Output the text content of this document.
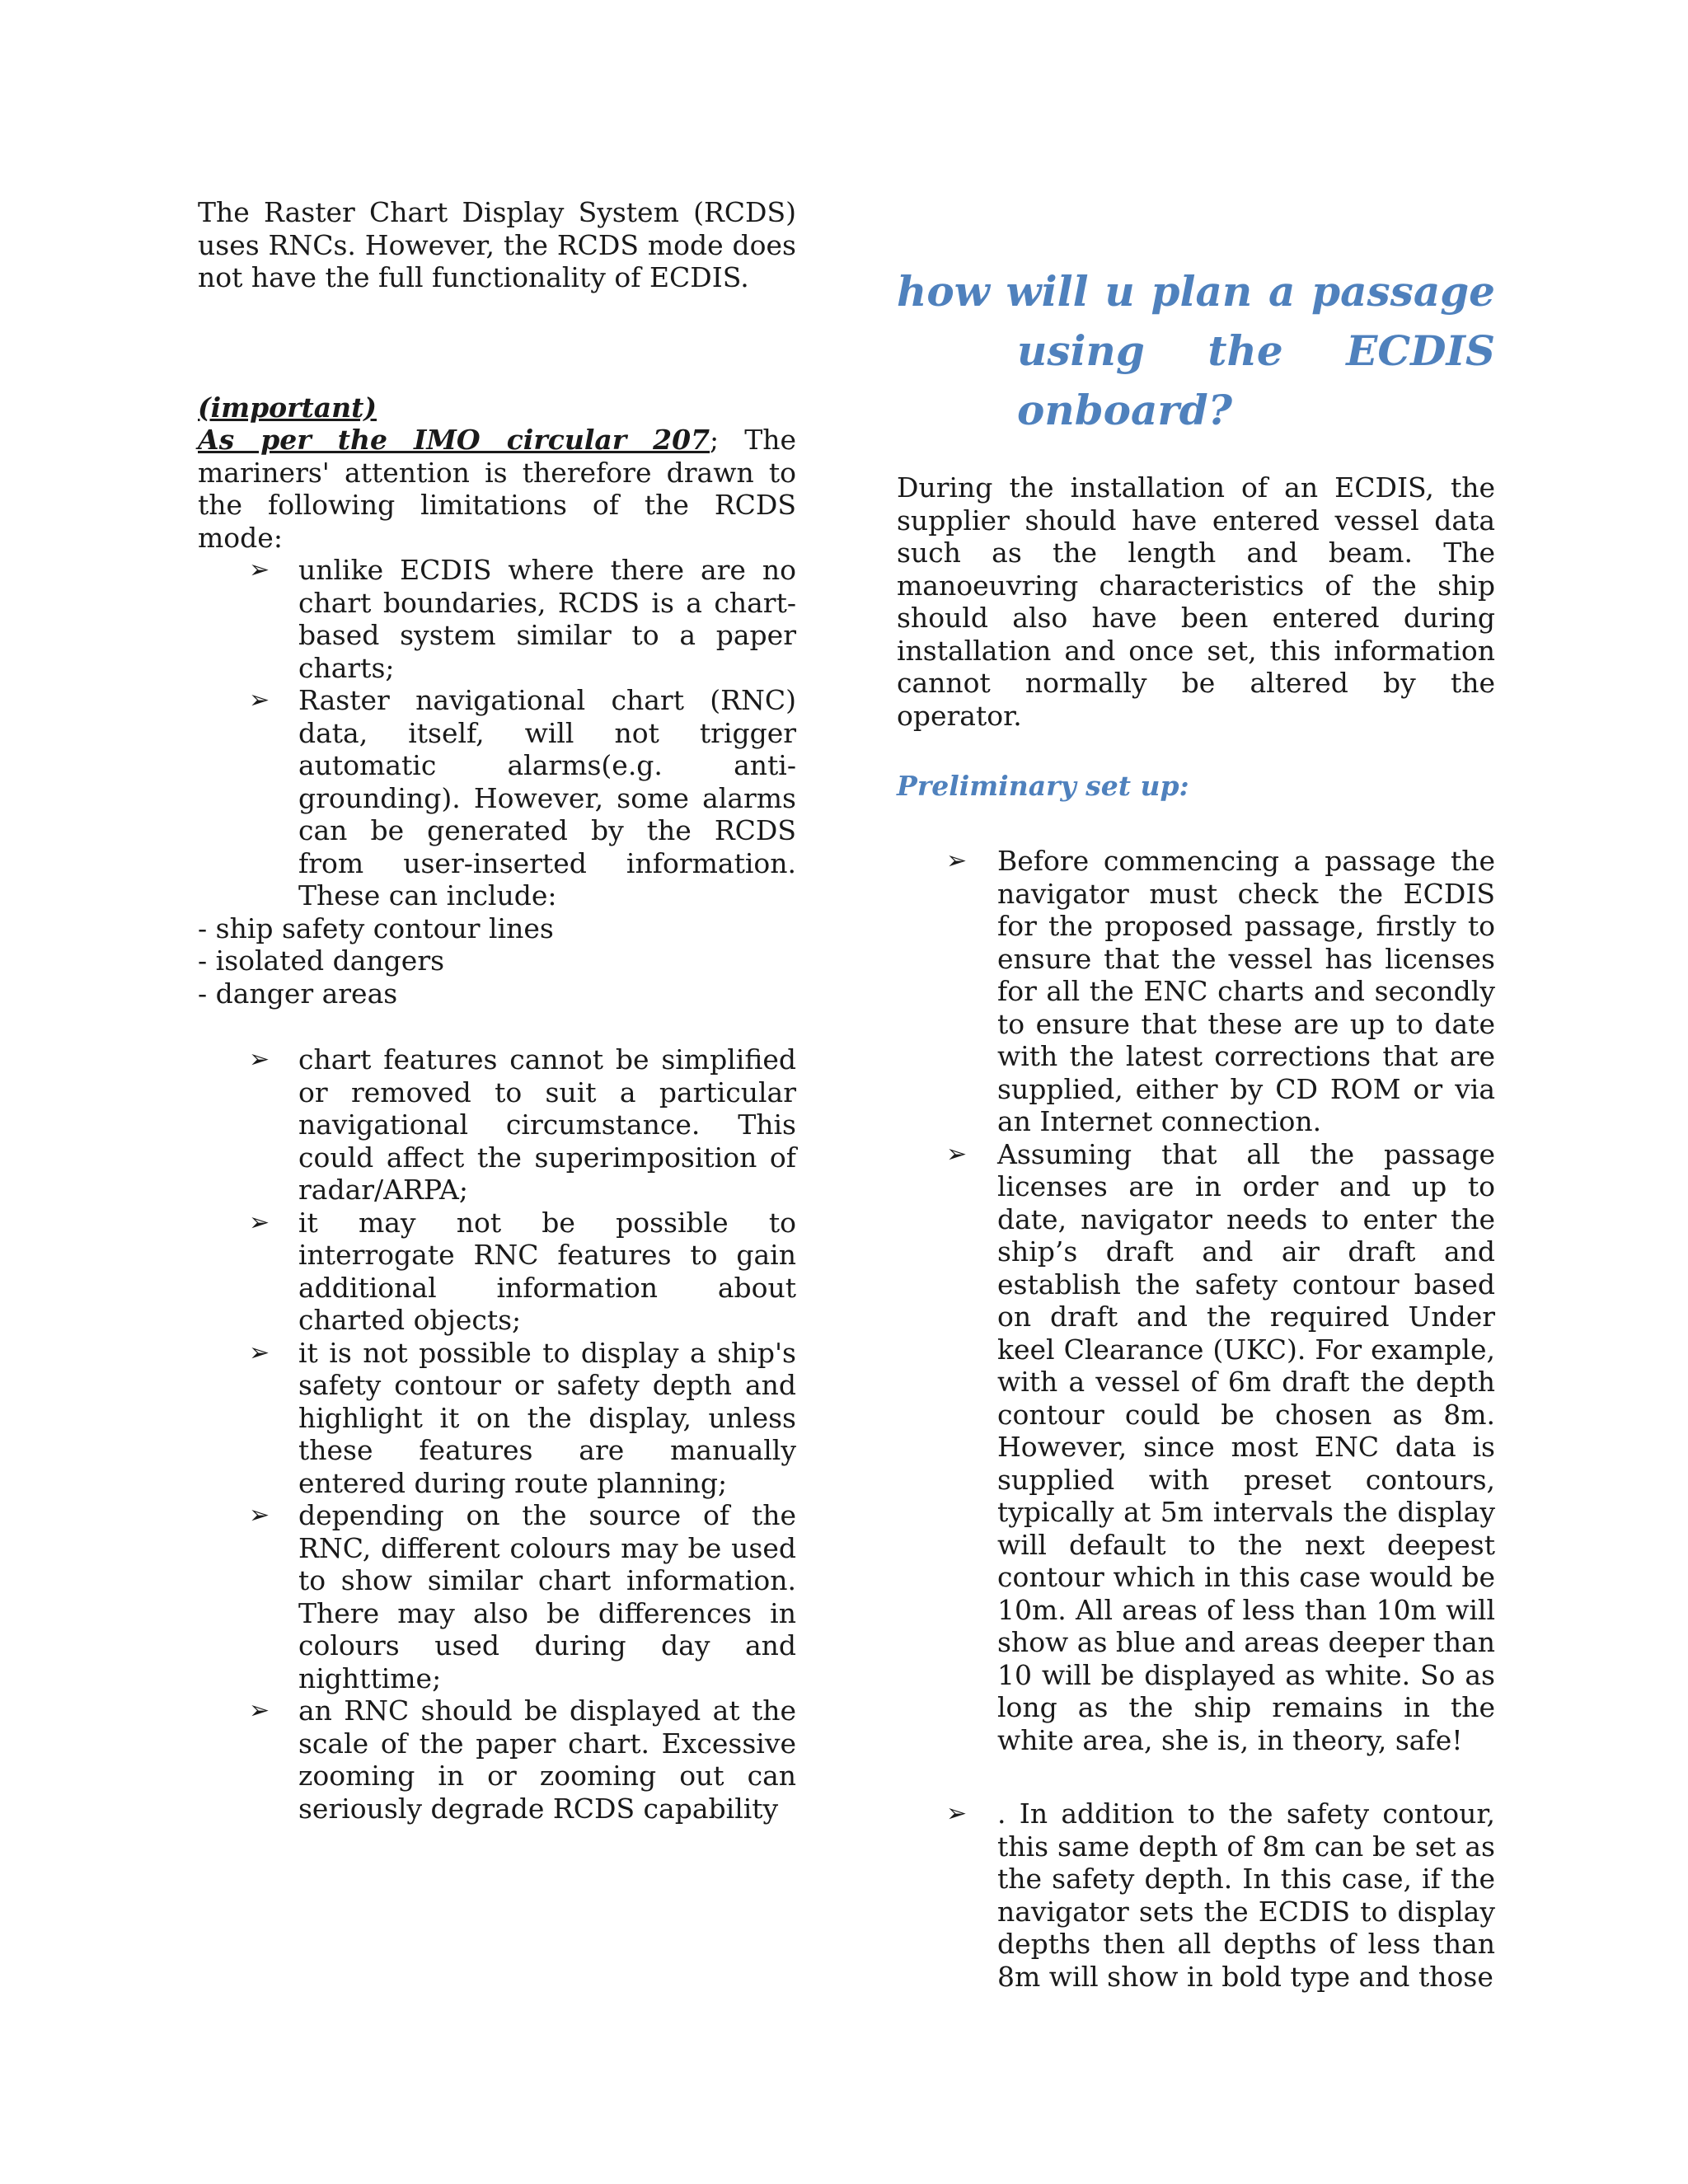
The Raster Chart Display System (RCDS) uses RNCs. However, the RCDS mode does not have the full functionality of ECDIS.

(important)

As per the IMO circular 207; The mariners' attention is therefore drawn to the following limitations of the RCDS mode:

➢ unlike ECDIS where there are no chart boundaries, RCDS is a chart-based system similar to a paper charts;
➢ Raster navigational chart (RNC) data, itself, will not trigger automatic alarms(e.g. anti-grounding). However, some alarms can be generated by the RCDS from user-inserted information. These can include:

- ship safety contour lines

- isolated dangers

- danger areas

➢ chart features cannot be simplified or removed to suit a particular navigational circumstance. This could affect the superimposition of radar/ARPA;
➢ it may not be possible to interrogate RNC features to gain additional information about charted objects;
➢ it is not possible to display a ship's safety contour or safety depth and highlight it on the display, unless these features are manually entered during route planning;
➢ depending on the source of the RNC, different colours may be used to show similar chart information. There may also be differences in colours used during day and nighttime;
➢ an RNC should be displayed at the scale of the paper chart. Excessive zooming in or zooming out can seriously degrade RCDS capability
how will u plan a passage
using the ECDIS
onboard?

During the installation of an ECDIS, the supplier should have entered vessel data such as the length and beam. The manoeuvring characteristics of the ship should also have been entered during installation and once set, this information cannot normally be altered by the operator.

Preliminary set up:

➢ Before commencing a passage the navigator must check the ECDIS for the proposed passage, firstly to ensure that the vessel has licenses for all the ENC charts and secondly to ensure that these are up to date with the latest corrections that are supplied, either by CD ROM or via an Internet connection.
➢ Assuming that all the passage licenses are in order and up to date, navigator needs to enter the ship’s draft and air draft and establish the safety contour based on draft and the required Under keel Clearance (UKC). For example, with a vessel of 6m draft the depth contour could be chosen as 8m. However, since most ENC data is supplied with preset contours, typically at 5m intervals the display will default to the next deepest contour which in this case would be 10m. All areas of less than 10m will show as blue and areas deeper than 10 will be displayed as white. So as long as the ship remains in the white area, she is, in theory, safe!
➢ . In addition to the safety contour, this same depth of 8m can be set as the safety depth. In this case, if the navigator sets the ECDIS to display depths then all depths of less than 8m will show in bold type and those
